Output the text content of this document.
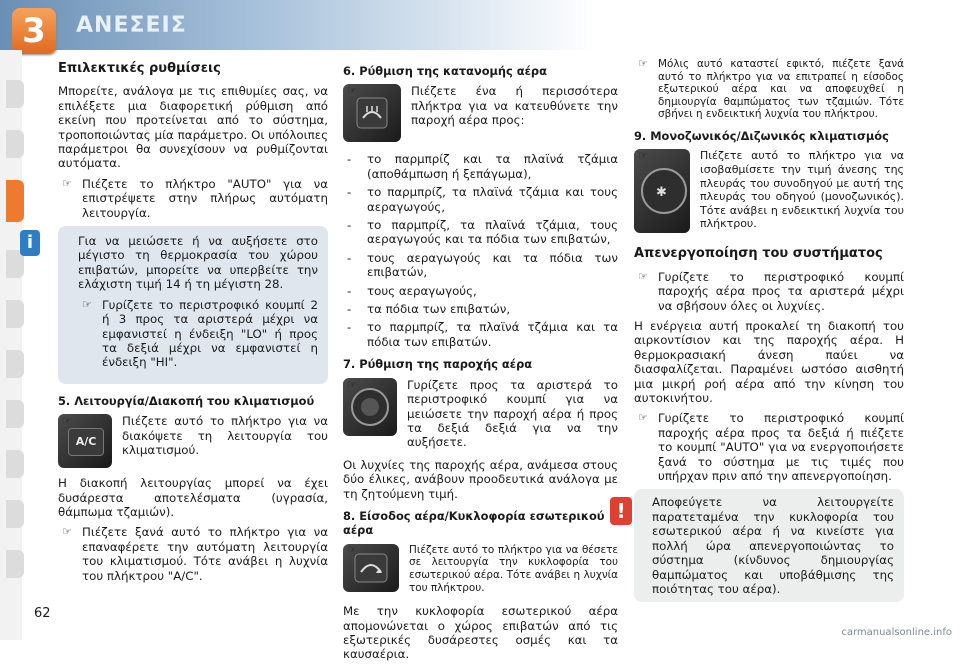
3	ΑΝΕΣΕΙΣ
Επιλεκτικές ρυθμίσεις

Μπορείτε, ανάλογα με τις επιθυμίες σας, να επιλέξετε μια διαφορετική ρύθμιση από εκείνη που προτείνεται από το σύστημα, τροποποιώντας μία παράμετρο. Οι υπόλοιπες παράμετροι θα συνεχίσουν να ρυθμίζονται αυτόματα.

☞ Πιέζετε το πλήκτρο "AUTO" για να επιστρέψετε στην πλήρως αυτόματη λειτουργία.
i	Για να μειώσετε ή να αυξήσετε στο μέγιστο τη θερμοκρασία του χώρου επιβατών, μπορείτε να υπερβείτε την ελάχιστη τιμή 14 ή τη μέγιστη 28.

☞ Γυρίζετε το περιστροφικό κουμπί 2 ή 3 προς τα αριστερά μέχρι να εμφανιστεί η ένδειξη "LO" ή προς τα δεξιά μέχρι να εμφανιστεί η ένδειξη "HI".
5. Λειτουργία/Διακοπή του κλιματισμού
A/C
☞ Πιέζετε αυτό το πλήκτρο για να διακόψετε τη λειτουργία του κλιματισμού.

Η διακοπή λειτουργίας μπορεί να έχει δυσάρεστα αποτελέσματα (υγρασία, θάμπωμα τζαμιών).

☞ Πιέζετε ξανά αυτό το πλήκτρο για να επαναφέρετε την αυτόματη λειτουργία του κλιματισμού. Τότε ανάβει η λυχνία του πλήκτρου "A/C".
6. Ρύθμιση της κατανομής αέρα
☞ Πιέζετε ένα ή περισσότερα πλήκτρα για να κατευθύνετε την παροχή αέρα προς:
- το παρμπρίζ και τα πλαϊνά τζάμια (αποθάμπωση ή ξεπάγωμα),
- το παρμπρίζ, τα πλαϊνά τζάμια και τους αεραγωγούς,
- το παρμπρίζ, τα πλαϊνά τζάμια, τους αεραγωγούς και τα πόδια των επιβατών,
- τους αεραγωγούς και τα πόδια των επιβατών,
- τους αεραγωγούς,
- τα πόδια των επιβατών,
- το παρμπρίζ, τα πλαϊνά τζάμια και τα πόδια των επιβατών.
7. Ρύθμιση της παροχής αέρα
☞ Γυρίζετε προς τα αριστερά το περιστροφικό κουμπί για να μειώσετε την παροχή αέρα ή προς τα δεξιά δεξιά για να την αυξήσετε.

Οι λυχνίες της παροχής αέρα, ανάμεσα στους δύο έλικες, ανάβουν προοδευτικά ανάλογα με τη ζητούμενη τιμή.

8. Είσοδος αέρα/Κυκλοφορία εσωτερικού αέρα
☞ Πιέζετε αυτό το πλήκτρο για να θέσετε σε λειτουργία την κυκλοφορία του εσωτερικού αέρα. Τότε ανάβει η λυχνία του πλήκτρου.

Με την κυκλοφορία εσωτερικού αέρα απομονώνεται ο χώρος επιβατών από τις εξωτερικές δυσάρεστες οσμές και τα καυσαέρια.

☞ Μόλις αυτό καταστεί εφικτό, πιέζετε ξανά αυτό το πλήκτρο για να επιτραπεί η είσοδος εξωτερικού αέρα και να αποφευχθεί η δημιουργία θαμπώματος των τζαμιών. Τότε σβήνει η ενδεικτική λυχνία του πλήκτρου.
9. Μονοζωνικός/Διζωνικός κλιματισμός
✱
☞ Πιέζετε αυτό το πλήκτρο για να ισοβαθμίσετε την τιμή άνεσης της πλευράς του συνοδηγού με αυτή της πλευράς του οδηγού (μονοζωνικός). Τότε ανάβει η ενδεικτική λυχνία του πλήκτρου.
Απενεργοποίηση του συστήματος
☞ Γυρίζετε το περιστροφικό κουμπί παροχής αέρα προς τα αριστερά μέχρι να σβήσουν όλες οι λυχνίες.

Η ενέργεια αυτή προκαλεί τη διακοπή του αιρκοντίσιον και της παροχής αέρα. Η θερμοκρασιακή άνεση παύει να διασφαλίζεται. Παραμένει ωστόσο αισθητή μια μικρή ροή αέρα από την κίνηση του αυτοκινήτου.

☞ Γυρίζετε το περιστροφικό κουμπί παροχής αέρα προς τα δεξιά ή πιέζετε το κουμπί "AUTO" για να ενεργοποιήσετε ξανά το σύστημα με τις τιμές που υπήρχαν πριν από την απενεργοποίηση.
!	Αποφεύγετε να λειτουργείτε παρατεταμένα την κυκλοφορία του εσωτερικού αέρα ή να κινείστε για πολλή ώρα απενεργοποιώντας το σύστημα (κίνδυνος δημιουργίας θαμπώματος και υποβάθμισης της ποιότητας του αέρα).

62
carmanualsonline.info
